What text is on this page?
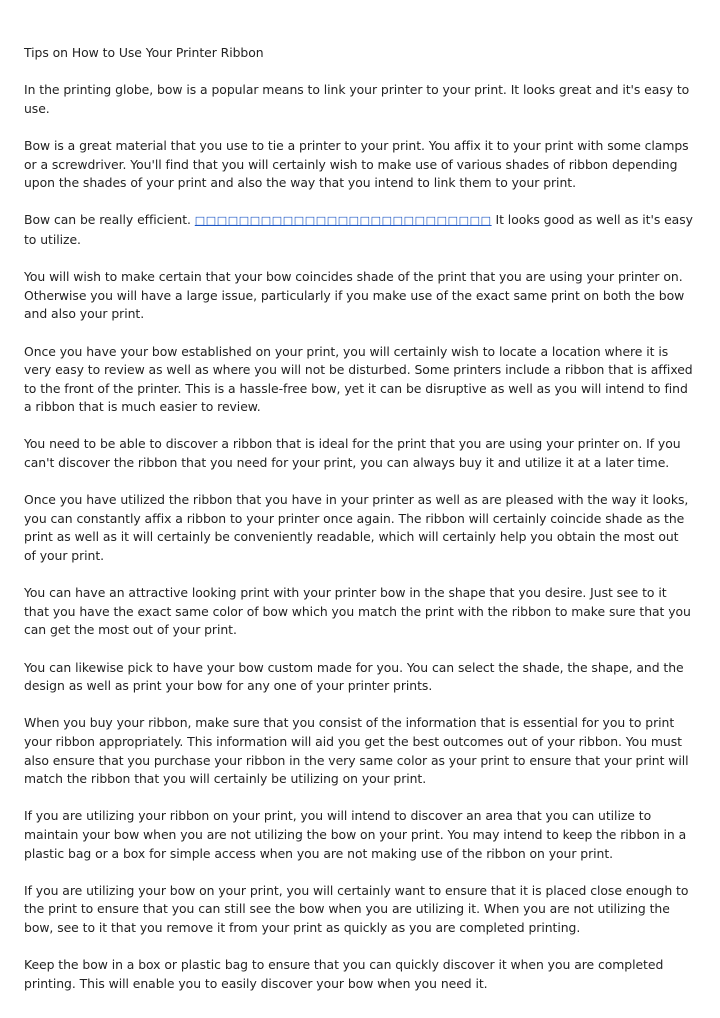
Tips on How to Use Your Printer Ribbon

In the printing globe, bow is a popular means to link your printer to your print. It looks great and it's easy to use.

Bow is a great material that you use to tie a printer to your print. You affix it to your print with some clamps or a screwdriver. You'll find that you will certainly wish to make use of various shades of ribbon depending upon the shades of your print and also the way that you intend to link them to your print.

Bow can be really efficient. □□□□□□□□□□□□□□□□□□□□□□□□□□□ It looks good as well as it's easy to utilize.

You will wish to make certain that your bow coincides shade of the print that you are using your printer on. Otherwise you will have a large issue, particularly if you make use of the exact same print on both the bow and also your print.

Once you have your bow established on your print, you will certainly wish to locate a location where it is very easy to review as well as where you will not be disturbed. Some printers include a ribbon that is affixed to the front of the printer. This is a hassle-free bow, yet it can be disruptive as well as you will intend to find a ribbon that is much easier to review.

You need to be able to discover a ribbon that is ideal for the print that you are using your printer on. If you can't discover the ribbon that you need for your print, you can always buy it and utilize it at a later time.

Once you have utilized the ribbon that you have in your printer as well as are pleased with the way it looks, you can constantly affix a ribbon to your printer once again. The ribbon will certainly coincide shade as the print as well as it will certainly be conveniently readable, which will certainly help you obtain the most out of your print.

You can have an attractive looking print with your printer bow in the shape that you desire. Just see to it that you have the exact same color of bow which you match the print with the ribbon to make sure that you can get the most out of your print.

You can likewise pick to have your bow custom made for you. You can select the shade, the shape, and the design as well as print your bow for any one of your printer prints.

When you buy your ribbon, make sure that you consist of the information that is essential for you to print your ribbon appropriately. This information will aid you get the best outcomes out of your ribbon. You must also ensure that you purchase your ribbon in the very same color as your print to ensure that your print will match the ribbon that you will certainly be utilizing on your print.

If you are utilizing your ribbon on your print, you will intend to discover an area that you can utilize to maintain your bow when you are not utilizing the bow on your print. You may intend to keep the ribbon in a plastic bag or a box for simple access when you are not making use of the ribbon on your print.

If you are utilizing your bow on your print, you will certainly want to ensure that it is placed close enough to the print to ensure that you can still see the bow when you are utilizing it. When you are not utilizing the bow, see to it that you remove it from your print as quickly as you are completed printing.

Keep the bow in a box or plastic bag to ensure that you can quickly discover it when you are completed printing. This will enable you to easily discover your bow when you need it.
